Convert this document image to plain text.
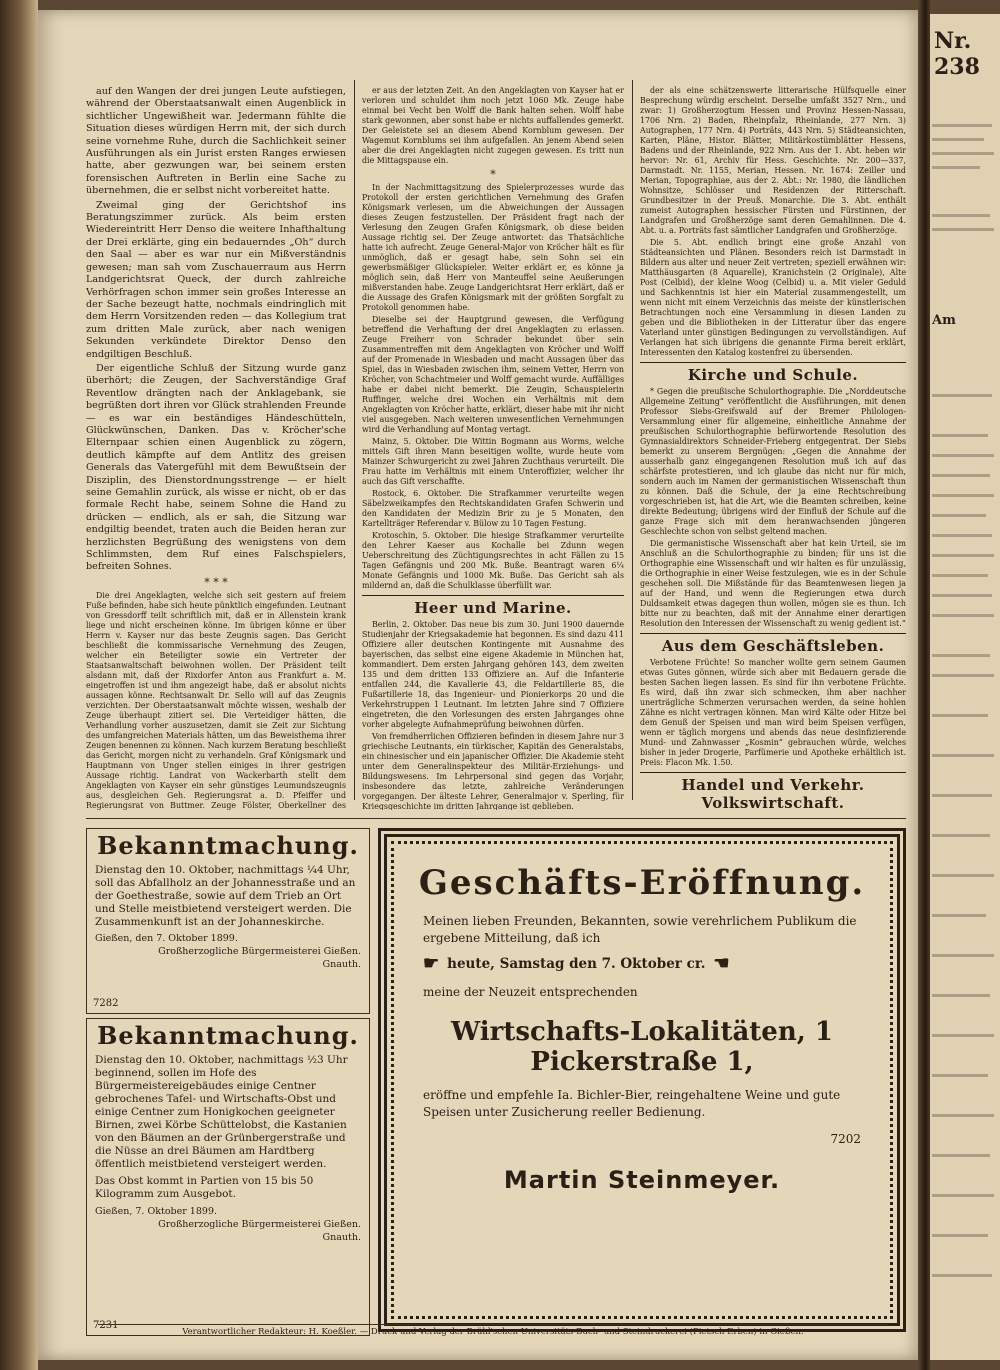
auf den Wangen der drei jungen Leute aufstiegen, während der Oberstaatsanwalt einen Augenblick in sichtlicher Ungewißheit war. Jedermann fühlte die Situation dieses würdigen Herrn mit, der sich durch seine vornehme Ruhe, durch die Sachlichkeit seiner Ausführungen als ein Jurist ersten Ranges erwiesen hatte, aber gezwungen war, bei seinem ersten forensischen Auftreten in Berlin eine Sache zu übernehmen, die er selbst nicht vorbereitet hatte.

Zweimal ging der Gerichtshof ins Beratungszimmer zurück. Als beim ersten Wiedereintritt Herr Denso die weitere Inhafthaltung der Drei erklärte, ging ein bedauerndes „Oh“ durch den Saal — aber es war nur ein Mißverständnis gewesen; man sah vom Zuschauerraum aus Herrn Landgerichtsrat Queck, der durch zahlreiche Verhörfragen schon immer sein großes Interesse an der Sache bezeugt hatte, nochmals eindringlich mit dem Herrn Vorsitzenden reden — das Kollegium trat zum dritten Male zurück, aber nach wenigen Sekunden verkündete Direktor Denso den endgiltigen Beschluß.

Der eigentliche Schluß der Sitzung wurde ganz überhört; die Zeugen, der Sachverständige Graf Reventlow drängten nach der Anklagebank, sie begrüßten dort ihren vor Glück strahlenden Freunde — es war ein beständiges Händeschütteln, Glückwünschen, Danken. Das v. Kröcher'sche Elternpaar schien einen Augenblick zu zögern, deutlich kämpfte auf dem Antlitz des greisen Generals das Vatergefühl mit dem Bewußtsein der Disziplin, des Dienstordnungsstrenge — er hielt seine Gemahlin zurück, als wisse er nicht, ob er das formale Recht habe, seinem Sohne die Hand zu drücken — endlich, als er sah, die Sitzung war endgiltig beendet, traten auch die Beiden heran zur herzlichsten Begrüßung des wenigstens von dem Schlimmsten, dem Ruf eines Falschspielers, befreiten Sohnes.

* * *

Die drei Angeklagten, welche sich seit gestern auf freiem Fuße befinden, habe sich heute pünktlich eingefunden. Leutnant von Gressdorff teilt schriftlich mit, daß er in Allenstein krank liege und nicht erscheinen könne. Im übrigen könne er über Herrn v. Kayser nur das beste Zeugnis sagen. Das Gericht beschließt die kommissarische Vernehmung des Zeugen, welcher ein Beteiligter sowie ein Vertreter der Staatsanwaltschaft beiwohnen wollen. Der Präsident teilt alsdann mit, daß der Rixdorfer Anton aus Frankfurt a. M. eingetroffen ist und ihm angezeigt habe, daß er absolut nichts aussagen könne. Rechtsanwalt Dr. Sello will auf das Zeugnis verzichten. Der Oberstaatsanwalt möchte wissen, weshalb der Zeuge überhaupt zitiert sei. Die Verteidiger hätten, die Verhandlung vorher auszusetzen, damit sie Zeit zur Sichtung des umfangreichen Materials hätten, um das Beweisthema ihrer Zeugen benennen zu können. Nach kurzem Beratung beschließt das Gericht, morgen nicht zu verhandeln. Graf Königsmark und Hauptmann von Unger stellen einiges in ihrer gestrigen Aussage richtig. Landrat von Wackerbarth stellt dem Angeklagten von Kayser ein sehr günstiges Leumundszeugnis aus, desgleichen Geh. Regierungsrat a. D. Pfeiffer und Regierungsrat von Buttmer. Zeuge Fölster, Oberkellner des

er aus der letzten Zeit. An den Angeklagten von Kayser hat er verloren und schuldet ihm noch jetzt 1060 Mk. Zeuge habe einmal bei Vecht ben Wolff die Bank halten sehen. Wolff habe stark gewonnen, aber sonst habe er nichts auffallendes gemerkt. Der Geleistete sei an diesem Abend Kornblum gewesen. Der Wagemut Kornblums sei ihm aufgefallen. An jenem Abend seien aber die drei Angeklagten nicht zugegen gewesen. Es tritt nun die Mittagspause ein.

*

In der Nachmittagsitzung des Spielerprozesses wurde das Protokoll der ersten gerichtlichen Vernehmung des Grafen Königsmark verlesen, um die Abweichungen der Aussagen dieses Zeugen festzustellen. Der Präsident fragt nach der Verlesung den Zeugen Grafen Königsmark, ob diese beiden Aussage richtig sei. Der Zeuge antwortet: das Thatsächliche hatte ich aufrecht. Zeuge General-Major von Kröcher hält es für unmöglich, daß er gesagt habe, sein Sohn sei ein gewerbsmäßiger Glückspieler. Weiter erklärt er, es könne ja möglich sein, daß Herr von Manteuffel seine Aeußerungen mißverstanden habe. Zeuge Landgerichtsrat Herr erklärt, daß er die Aussage des Grafen Königsmark mit der größten Sorgfalt zu Protokoll genommen habe.

Dieselbe sei der Hauptgrund gewesen, die Verfügung betreffend die Verhaftung der drei Angeklagten zu erlassen. Zeuge Freiherr von Schrader bekundet über sein Zusammentreffen mit dem Angeklagten von Kröcher und Wolff auf der Promenade in Wiesbaden und macht Aussagen über das Spiel, das in Wiesbaden zwischen ihm, seinem Vetter, Herrn von Kröcher, von Schachtmeier und Wolff gemacht wurde. Auffälliges habe er dabei nicht bemerkt. Die Zeugin, Schauspielerin Ruffinger, welche drei Wochen ein Verhältnis mit dem Angeklagten von Kröcher hatte, erklärt, dieser habe mit ihr nicht viel ausgegeben. Nach weiteren unwesentlichen Vernehmungen wird die Verhandlung auf Montag vertagt.

Mainz, 5. Oktober. Die Wittin Bogmann aus Worms, welche mittels Gift ihren Mann beseitigen wollte, wurde heute vom Mainzer Schwurgericht zu zwei Jahren Zuchthaus verurteilt. Die Frau hatte im Verhältnis mit einem Unteroffizier, welcher ihr auch das Gift verschaffte.

Rostock, 6. Oktober. Die Strafkammer verurteilte wegen Säbelzweikampfes den Rechtskandidaten Grafen Schwerin und den Kandidaten der Medizin Brir zu je 5 Monaten, den Kartellträger Referendar v. Bülow zu 10 Tagen Festung.

Krotoschin, 5. Oktober. Die hiesige Strafkammer verurteilte den Lehrer Kaeser aus Kochalle bei Zdunn wegen Ueberschreitung des Züchtigungsrechtes in acht Fällen zu 15 Tagen Gefängnis und 200 Mk. Buße. Beantragt waren 6¼ Monate Gefängnis und 1000 Mk. Buße. Das Gericht sah als mildernd an, daß die Schulklasse überfüllt war.

Heer und Marine.

Berlin, 2. Oktober. Das neue bis zum 30. Juni 1900 dauernde Studienjahr der Kriegsakademie hat begonnen. Es sind dazu 411 Offiziere aller deutschen Kontingente mit Ausnahme des bayerischen, das selbst eine eigene Akademie in München hat, kommandiert. Dem ersten Jahrgang gehören 143, dem zweiten 135 und dem dritten 133 Offiziere an. Auf die Infanterie entfallen 244, die Kavallerie 43, die Feldartillerie 85, die Fußartillerie 18, das Ingenieur- und Pionierkorps 20 und die Verkehrstruppen 1 Leutnant. Im letzten Jahre sind 7 Offiziere eingetreten, die den Vorlesungen des ersten Jahrganges ohne vorher abgelegte Aufnahmeprüfung beiwohnen dürfen.

Von fremdherrlichen Offizieren befinden in diesem Jahre nur 3 griechische Leutnants, ein türkischer, Kapitän des Generalstabs, ein chinesischer und ein japanischer Offizier. Die Akademie steht unter dem Generalinspekteur des Militär-Erziehungs- und Bildungswesens. Im Lehrpersonal sind gegen das Vorjahr, insbesondere das letzte, zahlreiche Veränderungen vorgegangen. Der älteste Lehrer, Generalmajor v. Sperling, für Kriegsgeschichte im dritten Jahrgange ist geblieben.

der als eine schätzenswerte litterarische Hülfsquelle einer Besprechung würdig erscheint. Derselbe umfaßt 3527 Nrn., und zwar: 1) Großherzogtum Hessen und Provinz Hessen-Nassau, 1706 Nrn. 2) Baden, Rheinpfalz, Rheinlande, 277 Nrn. 3) Autographen, 177 Nrn. 4) Porträts, 443 Nrn. 5) Städteansichten, Karten, Pläne, Histor. Blätter, Militärkostümblätter Hessens, Badens und der Rheinlande, 922 Nrn. Aus der 1. Abt. heben wir hervor: Nr. 61, Archiv für Hess. Geschichte. Nr. 200—337, Darmstadt. Nr. 1155, Merian, Hessen. Nr. 1674: Zeiller und Merian, Topographiae, aus der 2. Abt.: Nr. 1980, die ländlichen Wohnsitze, Schlösser und Residenzen der Ritterschaft. Grundbesitzer in der Preuß. Monarchie. Die 3. Abt. enthält zumeist Autographen hessischer Fürsten und Fürstinnen, der Landgrafen und Großherzöge samt deren Gemahlinnen. Die 4. Abt. u. a. Porträts fast sämtlicher Landgrafen und Großherzöge.

Die 5. Abt. endlich bringt eine große Anzahl von Städteansichten und Plänen. Besonders reich ist Darmstadt in Bildern aus alter und neuer Zeit vertreten; speziell erwähnen wir: Matthäusgarten (8 Aquarelle), Kranichstein (2 Originale), Alte Post (Celbid), der kleine Woog (Celbid) u. a. Mit vieler Geduld und Sachkenntnis ist hier ein Material zusammengestellt, um wenn nicht mit einem Verzeichnis das meiste der künstlerischen Betrachtungen noch eine Versammlung in diesen Landen zu geben und die Bibliotheken in der Litteratur über das engere Vaterland unter günstigen Bedingungen zu vervollständigen. Auf Verlangen hat sich übrigens die genannte Firma bereit erklärt, Interessenten den Katalog kostenfrei zu übersenden.

Kirche und Schule.

* Gegen die preußische Schulorthographie. Die „Norddeutsche Allgemeine Zeitung“ veröffentlicht die Ausführungen, mit denen Professor Siebs-Greifswald auf der Bremer Philologen-Versammlung einer für allgemeine, einheitliche Annahme der preußischen Schulorthographie befürwortende Resolution des Gymnasialdirektors Schneider-Frieberg entgegentrat. Der Siebs bemerkt zu unserem Bergnügen: „Gegen die Annahme der ausserhalb ganz eingegangenen Resolution muß ich auf das schärfste protestieren, und ich glaube das nicht nur für mich, sondern auch im Namen der germanistischen Wissenschaft thun zu können. Daß die Schule, der ja eine Rechtschreibung vorgeschrieben ist, hat die Art, wie die Beamten schreiben, keine direkte Bedeutung; übrigens wird der Einfluß der Schule auf die ganze Frage sich mit dem heranwachsenden jüngeren Geschlechte schon von selbst geltend machen.

Die germanistische Wissenschaft aber hat kein Urteil, sie im Anschluß an die Schulorthographie zu binden; für uns ist die Orthographie eine Wissenschaft und wir halten es für unzulässig, die Orthographie in einer Weise festzulegen, wie es in der Schule geschehen soll. Die Mißstände für das Beamtenwesen liegen ja auf der Hand, und wenn die Regierungen etwa durch Duldsamkeit etwas dagegen thun wollen, mögen sie es thun. Ich bitte nur zu beachten, daß mit der Annahme einer derartigen Resolution den Interessen der Wissenschaft zu wenig gedient ist.“

Aus dem Geschäftsleben.

Verbotene Früchte! So mancher wollte gern seinem Gaumen etwas Gutes gönnen, würde sich aber mit Bedauern gerade die besten Sachen liegen lassen. Es sind für ihn verbotene Früchte. Es wird, daß ihn zwar sich schmecken, ihm aber nachher unerträgliche Schmerzen verursachen werden, da seine hohlen Zähne es nicht vertragen können. Man wird Kälte oder Hitze bei dem Genuß der Speisen und man wird beim Speisen verfügen, wenn er täglich morgens und abends das neue desinfizierende Mund- und Zahnwasser „Kosmin“ gebrauchen würde, welches bisher in jeder Drogerie, Parfümerie und Apotheke erhältlich ist. Preis: Flacon Mk. 1.50.

Handel und Verkehr. Volkswirtschaft.

Bekanntmachung.
Dienstag den 10. Oktober, nachmittags ¼4 Uhr, soll das Abfallholz an der Johannesstraße und an der Goethestraße, sowie auf dem Trieb an Ort und Stelle meistbietend versteigert werden. Die Zusammenkunft ist an der Johanneskirche.
Gießen, den 7. Oktober 1899.
Großherzogliche Bürgermeisterei Gießen.
Gnauth.
7282
Bekanntmachung.
Dienstag den 10. Oktober, nachmittags ½3 Uhr beginnend, sollen im Hofe des Bürgermeistereigebäudes einige Centner gebrochenes Tafel- und Wirtschafts-Obst und einige Centner zum Honigkochen geeigneter Birnen, zwei Körbe Schüttelobst, die Kastanien von den Bäumen an der Grünbergerstraße und die Nüsse an drei Bäumen am Hardtberg öffentlich meistbietend versteigert werden.
Das Obst kommt in Partien von 15 bis 50 Kilogramm zum Ausgebot.
Gießen, 7. Oktober 1899.
Großherzogliche Bürgermeisterei Gießen.
Gnauth.
7231
Geschäfts-Eröffnung.
Meinen lieben Freunden, Bekannten, sowie verehrlichem Publikum die ergebene Mitteilung, daß ich
☛ heute, Samstag den 7. Oktober cr. ☚
meine der Neuzeit entsprechenden
Wirtschafts-Lokalitäten, 1 Pickerstraße 1,
eröffne und empfehle Ia. Bichler-Bier, reingehaltene Weine und gute Speisen unter Zusicherung reeller Bedienung.
7202
Martin Steinmeyer.
Verantwortlicher Redakteur: H. Koeßler. — Druck und Verlag der Brühl'schen Universitäts-Buch- und Steindruckerei (Pietsch Erben) in Gießen.
Nr. 238
Am
